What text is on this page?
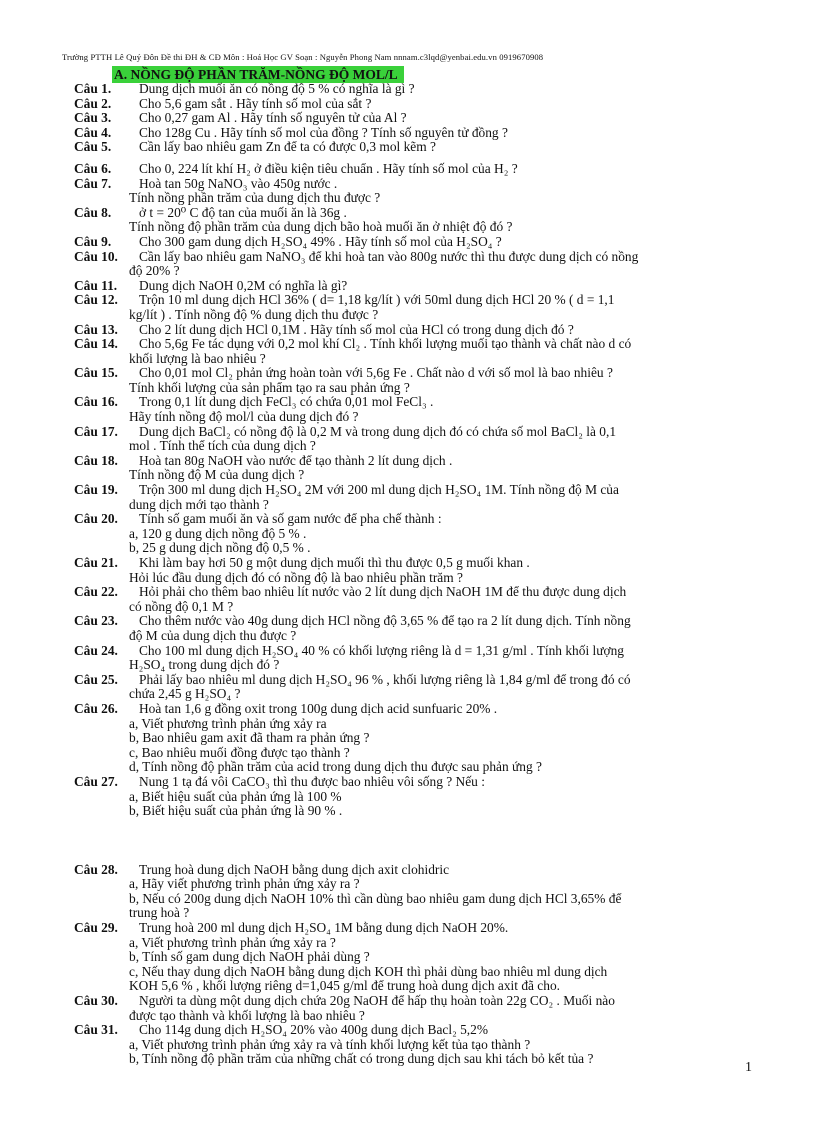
Trường PTTH Lê Quý Đôn Đề thi ĐH & CĐ Môn : Hoá Học GV Soạn : Nguyễn Phong Nam nnnam.c3lqd@yenbai.edu.vn 0919670908
A. NỒNG ĐỘ PHẦN TRĂM-NỒNG ĐỘ MOL/L
Câu 1.	Dung dịch muối ăn có nồng độ 5 % có nghĩa là gì ?
Câu 2.	Cho 5,6 gam sắt . Hãy tính số mol của sắt ?
Câu 3.	Cho 0,27 gam Al . Hãy tính số nguyên tử của Al ?
Câu 4.	Cho 128g Cu . Hãy tính số mol của đồng ? Tính số nguyên tử đồng ?
Câu 5.	Cần lấy bao nhiêu gam Zn để ta có được 0,3 mol kẽm ?
Câu 6.	Cho 0, 224 lít khí H₂ ở điều kiện tiêu chuẩn . Hãy tính số mol của H₂ ?
Câu 7.	Hoà tan 50g NaNO₃ vào 450g nước .
Tính nồng phần trăm của dung dịch thu được ?
Câu 8.	ở t = 20⁰ C độ tan của muối ăn là 36g .
Tính nồng độ phần trăm của dung dịch bão hoà muối ăn ở nhiệt độ đó ?
Câu 9.	Cho 300 gam dung dịch H₂SO₄ 49% . Hãy tính số mol của H₂SO₄ ?
Câu 10.	Cần lấy bao nhiêu gam NaNO₃ để khi hoà tan vào 800g nước thì thu được dung dịch có nồng
độ 20% ?
Câu 11.	Dung dịch NaOH 0,2M có nghĩa là gì?
Câu 12.	Trộn 10 ml dung dịch HCl 36% ( d= 1,18 kg/lít ) với 50ml dung dịch HCl 20 % ( d = 1,1
kg/lít ) . Tính nồng độ % dung dịch thu được ?
Câu 13.	Cho 2 lít dung dịch HCl 0,1M . Hãy tính số mol của HCl có trong dung dịch đó ?
Câu 14.	Cho 5,6g Fe tác dụng với 0,2 mol khí Cl₂ . Tính khối lượng muối tạo thành và chất nào d có
khối lượng là bao nhiêu ?
Câu 15.	Cho 0,01 mol Cl₂ phản ứng hoàn toàn với 5,6g Fe . Chất nào d với số mol là bao nhiêu ?
Tính khối lượng của sản phẩm tạo ra sau phản ứng ?
Câu 16.	Trong 0,1 lít dung dịch FeCl₃ có chứa 0,01 mol FeCl₃ .
Hãy tính nồng độ mol/l của dung dịch đó ?
Câu 17.	Dung dịch BaCl₂ có nồng độ là 0,2 M và trong dung dịch đó có chứa số mol BaCl₂ là 0,1
mol . Tính thể tích của dung dịch ?
Câu 18.	Hoà tan 80g NaOH vào nước để tạo thành 2 lít dung dịch .
Tính nồng độ M của dung dịch ?
Câu 19.	Trộn 300 ml dung dịch H₂SO₄ 2M với 200 ml dung dịch H₂SO₄ 1M. Tính nồng độ M của
dung dịch mới tạo thành ?
Câu 20.	Tính số gam muối ăn và số gam nước để pha chế thành :
a, 120 g dung dịch nồng độ 5 % .
b, 25 g dung dịch nồng độ 0,5 % .
Câu 21.	Khi làm bay hơi 50 g một dung dịch muối thì thu được 0,5 g muối khan .
Hỏi lúc đầu dung dịch đó có nồng độ là bao nhiêu phần trăm ?
Câu 22.	Hỏi phải cho thêm bao nhiêu lít nước vào 2 lít dung dịch NaOH 1M để thu được dung dịch
có nồng độ 0,1 M ?
Câu 23.	Cho thêm nước vào 40g dung dịch HCl nồng độ 3,65 % để tạo ra 2 lít dung dịch. Tính nồng
độ M của dung dịch thu được ?
Câu 24.	Cho 100 ml dung dịch H₂SO₄ 40 % có khối lượng riêng là d = 1,31 g/ml . Tính khối lượng
H₂SO₄ trong dung dịch đó ?
Câu 25.	Phải lấy bao nhiêu ml dung dịch H₂SO₄ 96 % , khối lượng riêng là 1,84 g/ml để trong đó có
chứa 2,45 g H₂SO₄ ?
Câu 26.	Hoà tan 1,6 g đồng oxit trong 100g dung dịch acid sunfuaric 20% .
a, Viết phương trình phản ứng xảy ra
b, Bao nhiêu gam axit đã tham ra phản ứng ?
c, Bao nhiêu muối đồng được tạo thành ?
d, Tính nồng độ phần trăm của acid trong dung dịch thu được sau phản ứng ?
Câu 27.	Nung 1 tạ đá vôi CaCO₃ thì thu được bao nhiêu vôi sống ? Nếu :
a, Biết hiệu suất của phản ứng là 100 %
b, Biết hiệu suất của phản ứng là 90 % .
Câu 28.	Trung hoà dung dịch NaOH bằng dung dịch axit clohidric
a, Hãy viết phương trình phản ứng xảy ra ?
b, Nếu có 200g dung dịch NaOH 10% thì cần dùng bao nhiêu gam dung dịch HCl 3,65% để
trung hoà ?
Câu 29.	Trung hoà 200 ml dung dịch H₂SO₄ 1M bằng dung dịch NaOH 20%.
a, Viết phương trình phản ứng xảy ra ?
b, Tính số gam dung dịch NaOH phải dùng ?
c, Nếu thay dung dịch NaOH bằng dung dịch KOH thì phải dùng bao nhiêu ml dung dịch
KOH 5,6 % , khối lượng riêng d=1,045 g/ml để trung hoà dung dịch axit đã cho.
Câu 30.	Người ta dùng một dung dịch chứa 20g NaOH để hấp thụ hoàn toàn 22g CO₂ . Muối nào
được tạo thành và khối lượng là bao nhiêu ?
Câu 31.	Cho 114g dung dịch H₂SO₄ 20% vào 400g dung dịch Bacl₂ 5,2%
a, Viết phương trình phản ứng xảy ra và tính khối lượng kết tủa tạo thành ?
b, Tính nồng độ phần trăm của những chất có trong dung dịch sau khi tách bỏ kết tủa ?
1
